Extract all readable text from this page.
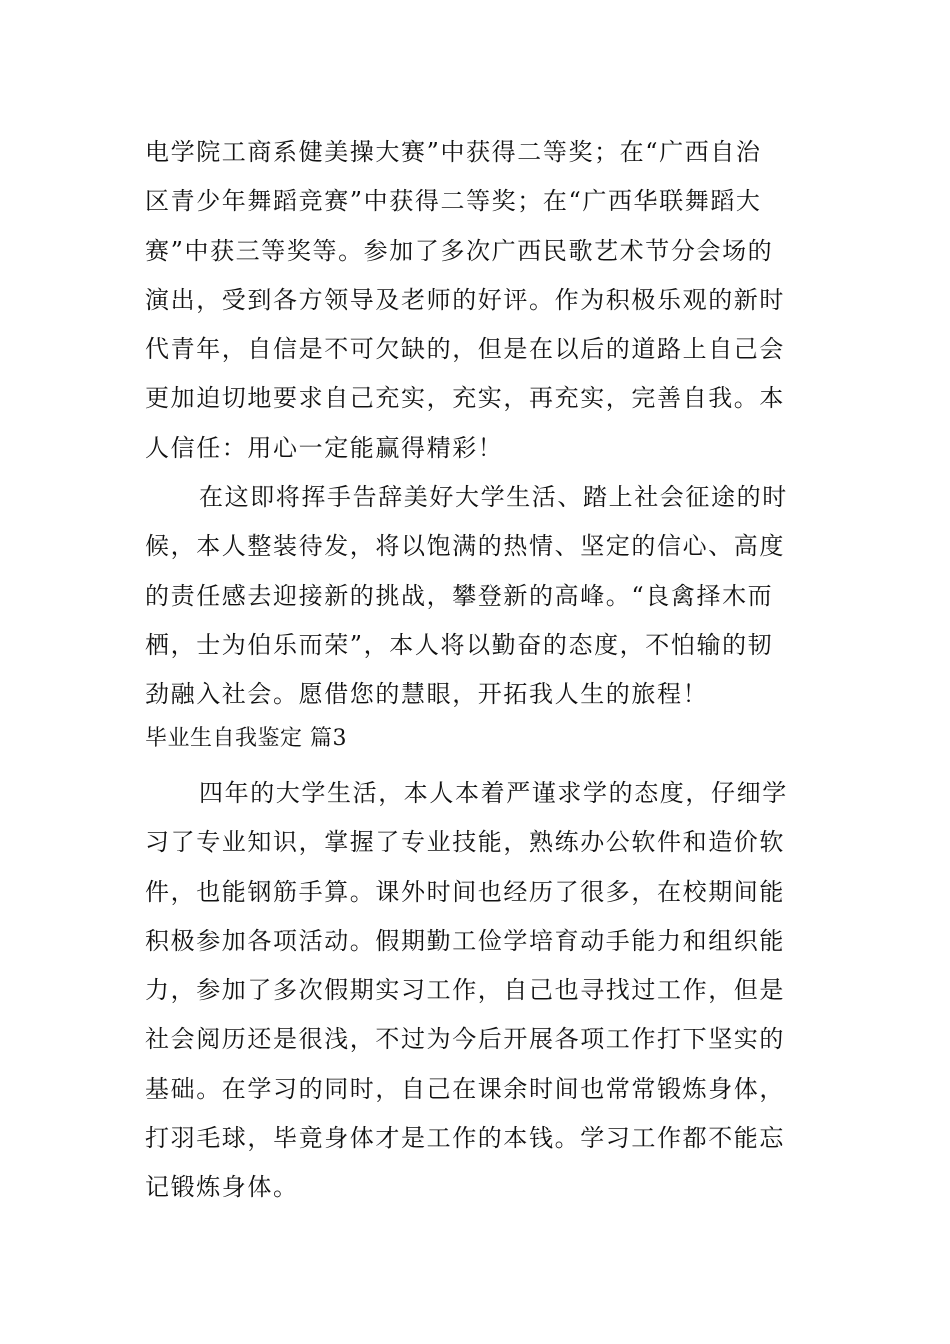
电学院工商系健美操大赛”中获得二等奖；在“广西自治
区青少年舞蹈竞赛”中获得二等奖；在“广西华联舞蹈大
赛”中获三等奖等。参加了多次广西民歌艺术节分会场的
演出，受到各方领导及老师的好评。作为积极乐观的新时
代青年，自信是不可欠缺的，但是在以后的道路上自己会
更加迫切地要求自己充实，充实，再充实，完善自我。本
人信任：用心一定能赢得精彩！
在这即将挥手告辞美好大学生活、踏上社会征途的时
候，本人整装待发，将以饱满的热情、坚定的信心、高度
的责任感去迎接新的挑战，攀登新的高峰。“良禽择木而
栖，士为伯乐而荣”，本人将以勤奋的态度，不怕输的韧
劲融入社会。愿借您的慧眼，开拓我人生的旅程！
毕业生自我鉴定 篇3
四年的大学生活，本人本着严谨求学的态度，仔细学
习了专业知识，掌握了专业技能，熟练办公软件和造价软
件，也能钢筋手算。课外时间也经历了很多，在校期间能
积极参加各项活动。假期勤工俭学培育动手能力和组织能
力，参加了多次假期实习工作，自己也寻找过工作，但是
社会阅历还是很浅，不过为今后开展各项工作打下坚实的
基础。在学习的同时，自己在课余时间也常常锻炼身体，
打羽毛球，毕竟身体才是工作的本钱。学习工作都不能忘
记锻炼身体。
